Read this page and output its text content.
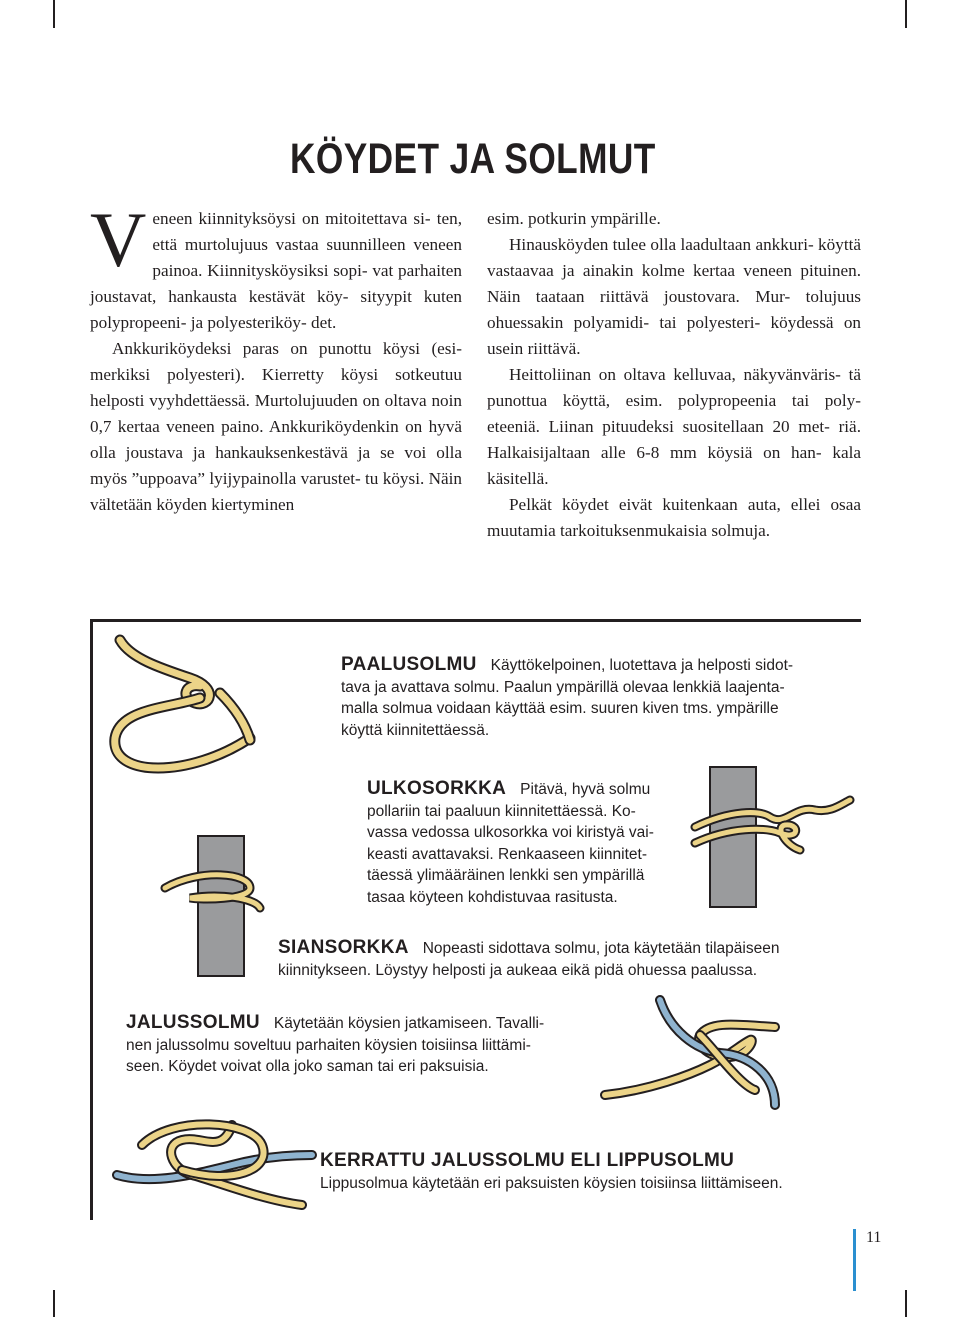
KÖYDET JA SOLMUT

V eneen kiinnityksöysi on mitoitettava si- ten, että murtolujuus vastaa suunnilleen veneen painoa. Kiinnitysköysiksi sopi- vat parhaiten joustavat, hankausta kestävät köy- sityypit kuten polypropeeni- ja polyesteriköy- det.

Ankkuriköydeksi paras on punottu köysi (esi- merkiksi polyesteri). Kierretty köysi sotkeutuu helposti vyyhdettäessä. Murtolujuuden on oltava noin 0,7 kertaa veneen paino. Ankkuriköydenkin on hyvä olla joustava ja hankauksenkestävä ja se voi olla myös ”uppoava” lyijypainolla varustet- tu köysi. Näin vältetään köyden kiertyminen

esim. potkurin ympärille.

Hinausköyden tulee olla laadultaan ankkuri- köyttä vastaavaa ja ainakin kolme kertaa veneen pituinen. Näin taataan riittävä joustovara. Mur- tolujuus ohuessakin polyamidi- tai polyesteri- köydessä on usein riittävä.

Heittoliinan on oltava kelluvaa, näkyvänväris- tä punottua köyttä, esim. polypropeenia tai poly- eteeniä. Liinan pituudeksi suositellaan 20 met- riä. Halkaisijaltaan alle 6-8 mm köysiä on han- kala käsitellä.

Pelkät köydet eivät kuitenkaan auta, ellei osaa muutamia tarkoituksenmukaisia solmuja.

PAALUSOLMU Käyttökelpoinen, luotettava ja helposti sidot-
tava ja avattava solmu. Paalun ympärillä olevaa lenkkiä laajenta-
malla solmua voidaan käyttää esim. suuren kiven tms. ympärille
köyttä kiinnitettäessä.
ULKOSORKKA Pitävä, hyvä solmu
pollariin tai paaluun kiinnitettäessä. Ko-
vassa vedossa ulkosorkka voi kiristyä vai-
keasti avattavaksi. Renkaaseen kiinnitet-
täessä ylimääräinen lenkki sen ympärillä
tasaa köyteen kohdistuvaa rasitusta.
SIANSORKKA Nopeasti sidottava solmu, jota käytetään tilapäiseen
kiinnitykseen. Löystyy helposti ja aukeaa eikä pidä ohuessa paalussa.
JALUSSOLMU Käytetään köysien jatkamiseen. Tavalli-
nen jalussolmu soveltuu parhaiten köysien toisiinsa liittämi-
seen. Köydet voivat olla joko saman tai eri paksuisia.
KERRATTU JALUSSOLMU ELI LIPPUSOLMU
Lippusolmua käytetään eri paksuisten köysien toisiinsa liittämiseen.
11
